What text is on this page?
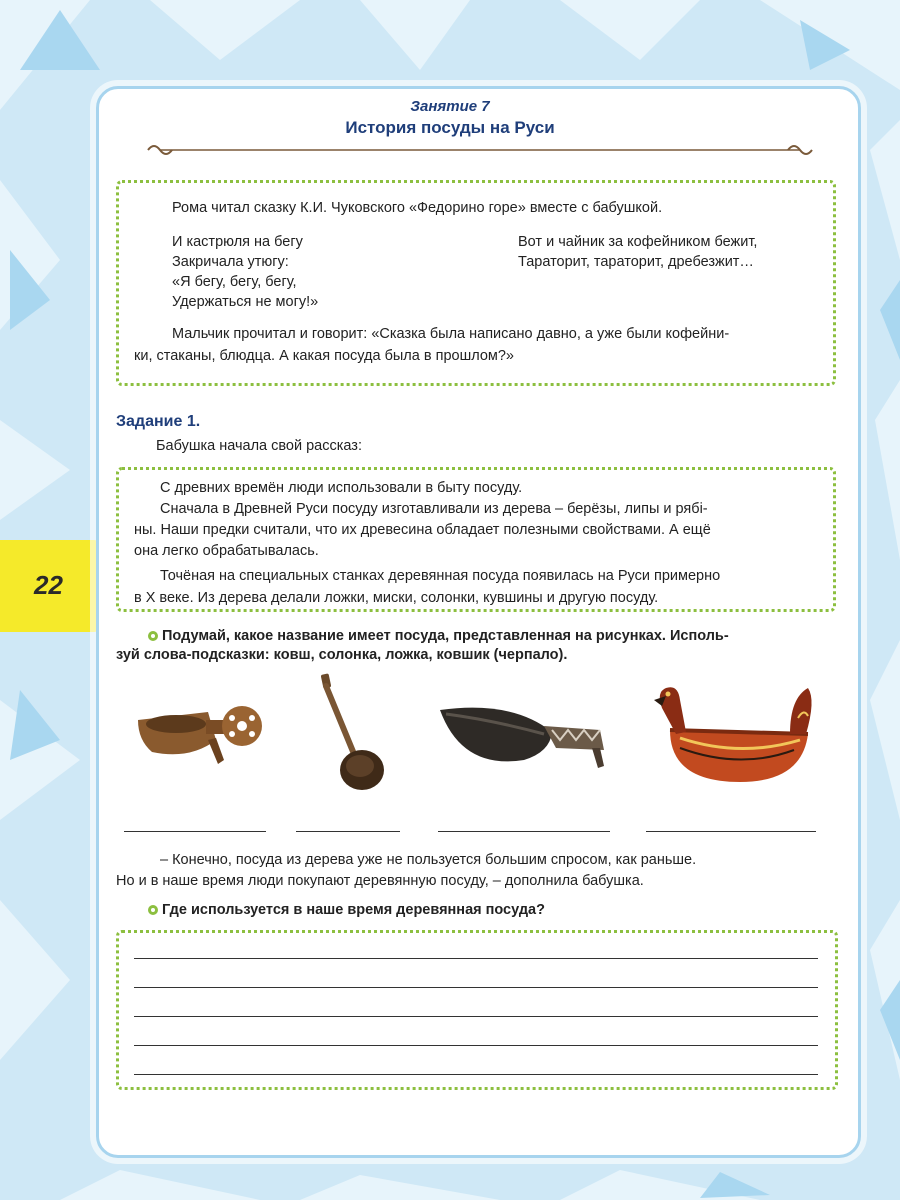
22
Занятие 7
История посуды на Руси
Рома читал сказку К.И. Чуковского «Федорино горе» вместе с бабушкой.
И кастрюля на бегу
Закричала утюгу:
«Я бегу, бегу, бегу,
Удержаться не могу!»
Вот и чайник за кофейником бежит,
Тараторит, тараторит, дребезжит…
Мальчик прочитал и говорит: «Сказка была написано давно, а уже были кофейни-
ки, стаканы, блюдца. А какая посуда была в прошлом?»
Задание 1.
Бабушка начала свой рассказ:
С древних времён люди использовали в быту посуду.
Сначала в Древней Руси посуду изготавливали из дерева – берёзы, липы и рябі-
ны. Наши предки считали, что их древесина обладает полезными свойствами. А ещё
она легко обрабатывалась.
Точёная на специальных станках деревянная посуда появилась на Руси примерно
в X веке. Из дерева делали ложки, миски, солонки, кувшины и другую посуду.
Подумай, какое название имеет посуда, представленная на рисунках. Исполь-
зуй слова-подсказки: ковш, солонка, ложка, ковшик (черпало).
– Конечно, посуда из дерева уже не пользуется большим спросом, как раньше.
Но и в наше время люди покупают деревянную посуду, – дополнила бабушка.
Где используется в наше время деревянная посуда?
